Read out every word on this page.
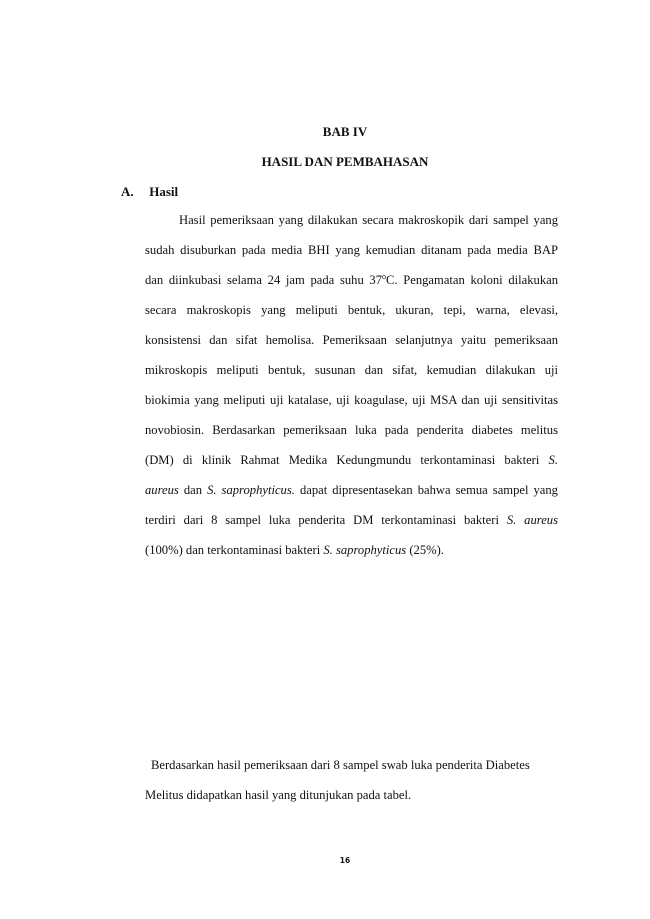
BAB IV
HASIL DAN PEMBAHASAN
A. Hasil
Hasil pemeriksaan yang dilakukan secara makroskopik dari sampel yang
sudah disuburkan pada media BHI yang kemudian ditanam pada media BAP
dan diinkubasi selama 24 jam pada suhu 37$^o$C. Pengamatan koloni dilakukan
secara makroskopis yang meliputi bentuk, ukuran, tepi, warna, elevasi,
konsistensi dan sifat hemolisa. Pemeriksaan selanjutnya yaitu pemeriksaan
mikroskopis meliputi bentuk, susunan dan sifat, kemudian dilakukan uji
biokimia yang meliputi uji katalase, uji koagulase, uji MSA dan uji sensitivitas
novobiosin. Berdasarkan pemeriksaan luka pada penderita diabetes melitus
(DM) di klinik Rahmat Medika Kedungmundu terkontaminasi bakteri S.
aureus dan S. saprophyticus. dapat dipresentasekan bahwa semua sampel yang
terdiri dari 8 sampel luka penderita DM terkontaminasi bakteri S. aureus
(100%) dan terkontaminasi bakteri S. saprophyticus (25%).
Berdasarkan hasil pemeriksaan dari 8 sampel swab luka penderita Diabetes
Melitus didapatkan hasil yang ditunjukan pada tabel.
16
